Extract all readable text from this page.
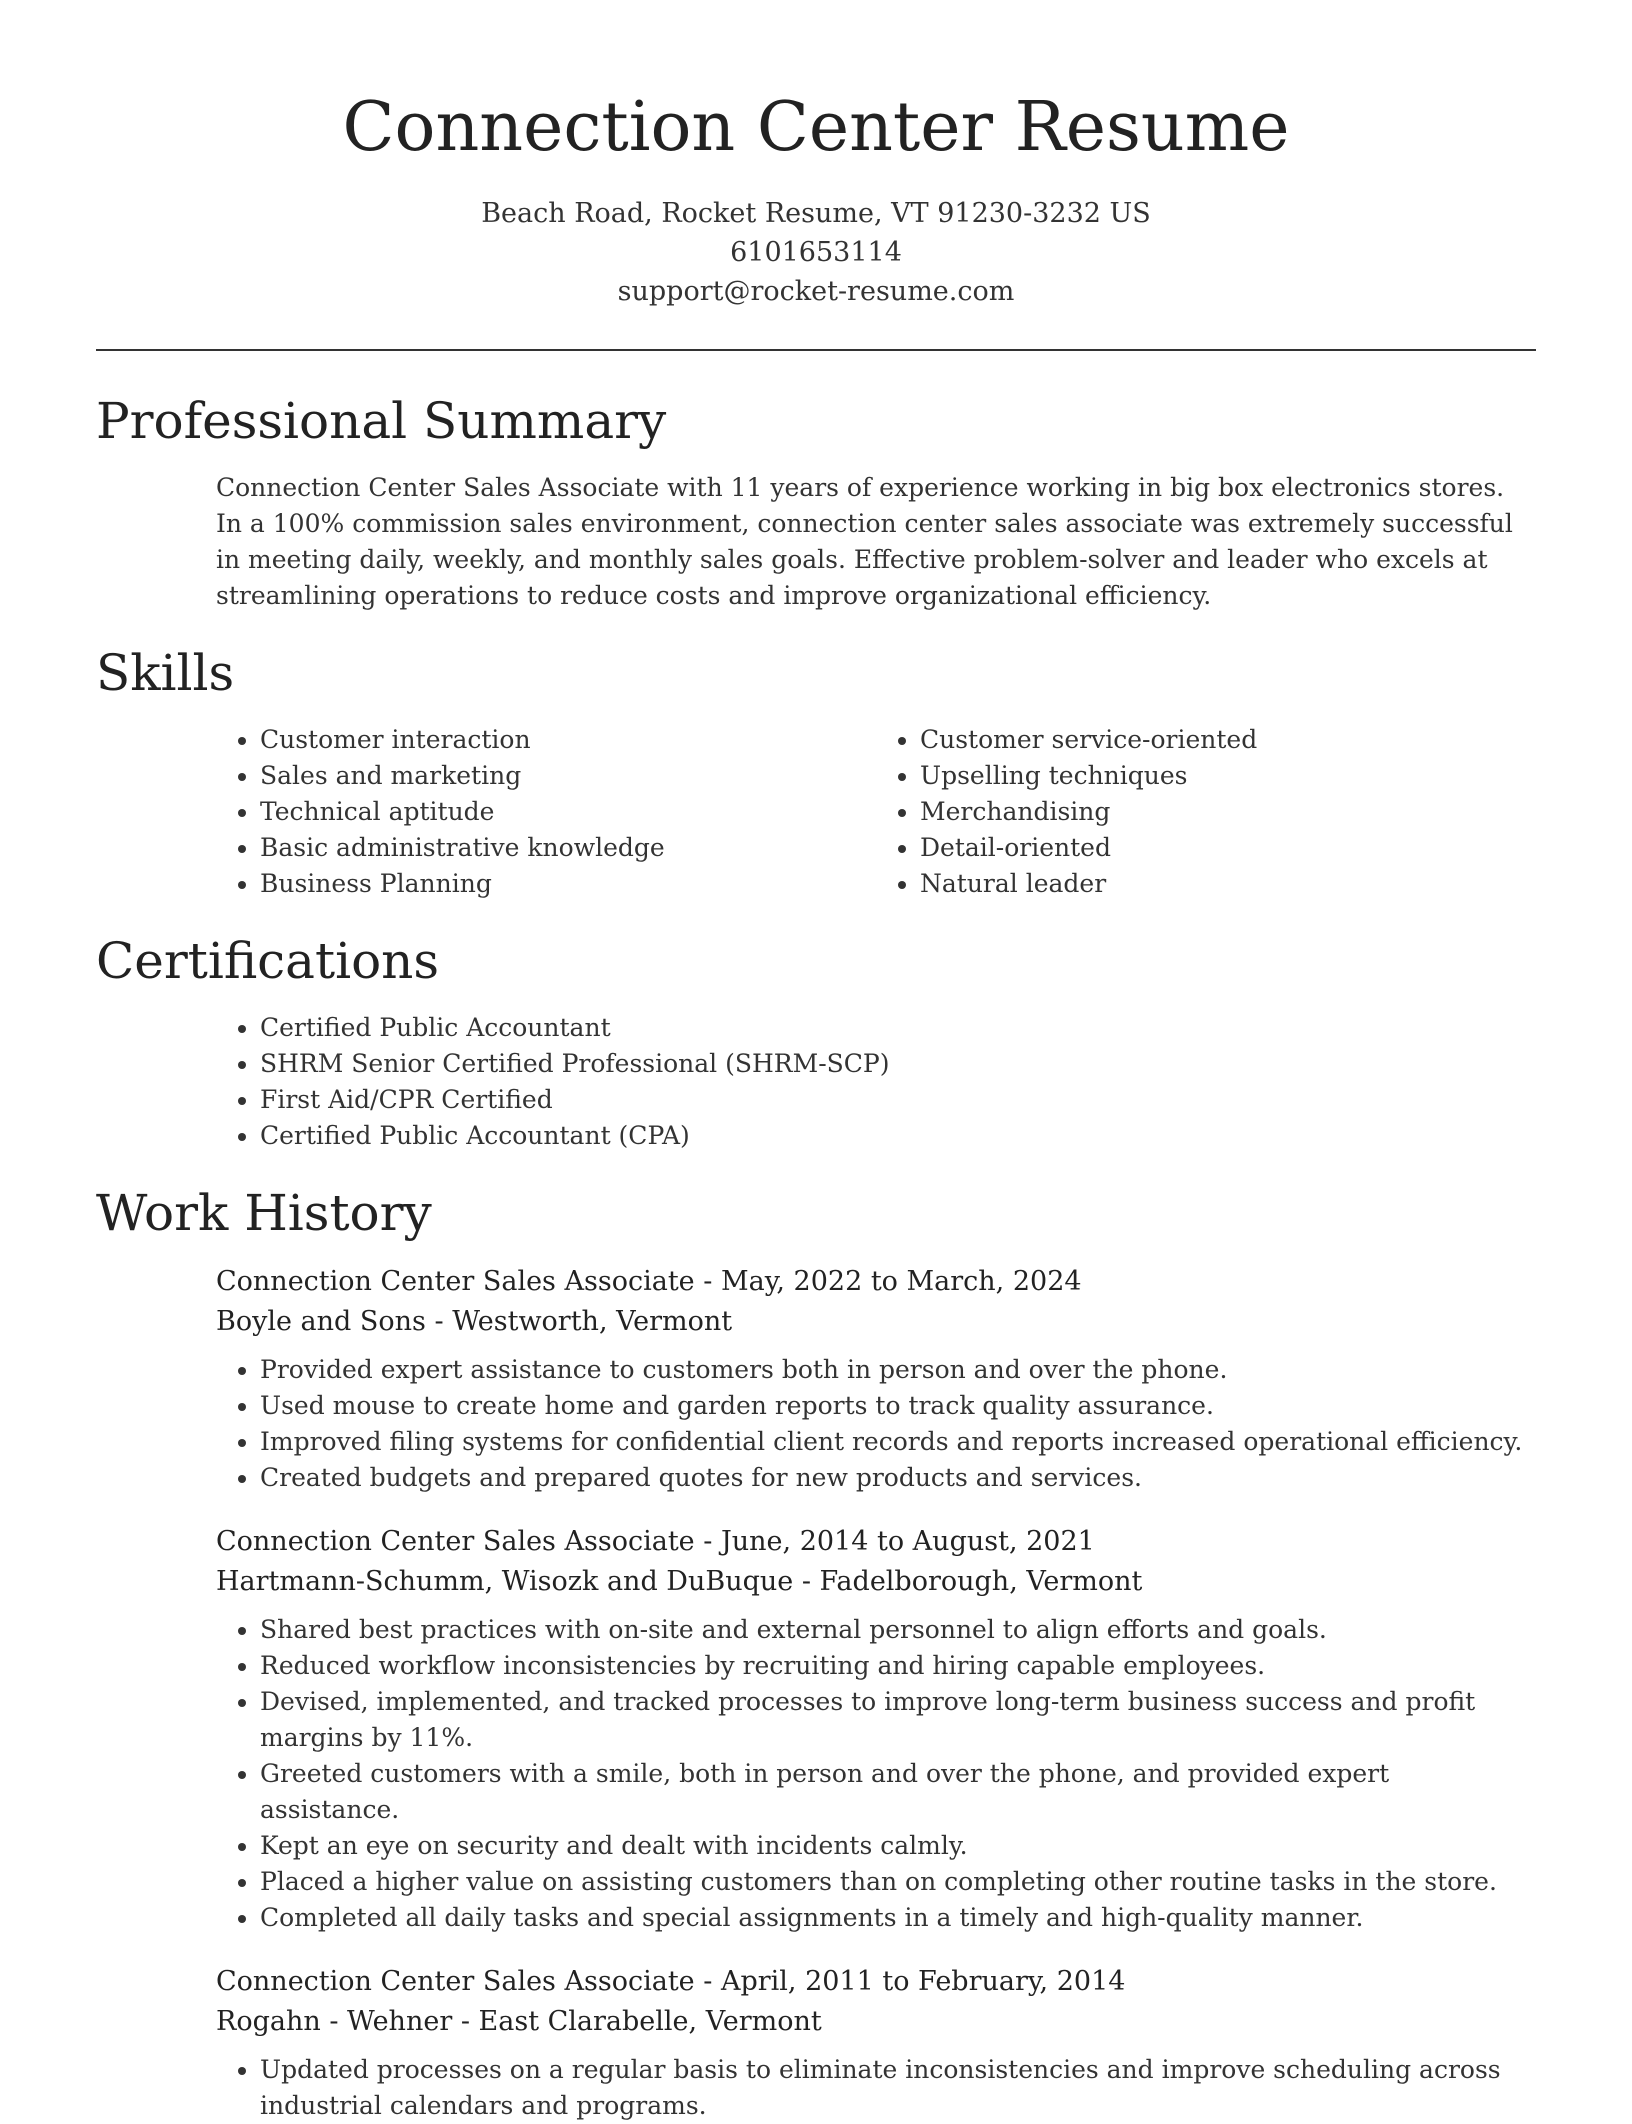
Connection Center Resume
Beach Road, Rocket Resume, VT 91230-3232 US
6101653114
support@rocket-resume.com
Professional Summary

Connection Center Sales Associate with 11 years of experience working in big box electronics stores. In a 100% commission sales environment, connection center sales associate was extremely successful in meeting daily, weekly, and monthly sales goals. Effective problem-solver and leader who excels at streamlining operations to reduce costs and improve organizational efficiency.

Skills
• Customer interaction
• Sales and marketing
• Technical aptitude
• Basic administrative knowledge
• Business Planning
• Customer service-oriented
• Upselling techniques
• Merchandising
• Detail-oriented
• Natural leader
Certifications
• Certified Public Accountant
• SHRM Senior Certified Professional (SHRM-SCP)
• First Aid/CPR Certified
• Certified Public Accountant (CPA)
Work History
Connection Center Sales Associate - May, 2022 to March, 2024
Boyle and Sons - Westworth, Vermont
• Provided expert assistance to customers both in person and over the phone.
• Used mouse to create home and garden reports to track quality assurance.
• Improved filing systems for confidential client records and reports increased operational efficiency.
• Created budgets and prepared quotes for new products and services.
Connection Center Sales Associate - June, 2014 to August, 2021
Hartmann-Schumm, Wisozk and DuBuque - Fadelborough, Vermont
• Shared best practices with on-site and external personnel to align efforts and goals.
• Reduced workflow inconsistencies by recruiting and hiring capable employees.
• Devised, implemented, and tracked processes to improve long-term business success and profit margins by 11%.
• Greeted customers with a smile, both in person and over the phone, and provided expert assistance.
• Kept an eye on security and dealt with incidents calmly.
• Placed a higher value on assisting customers than on completing other routine tasks in the store.
• Completed all daily tasks and special assignments in a timely and high-quality manner.
Connection Center Sales Associate - April, 2011 to February, 2014
Rogahn - Wehner - East Clarabelle, Vermont
• Updated processes on a regular basis to eliminate inconsistencies and improve scheduling across industrial calendars and programs.
